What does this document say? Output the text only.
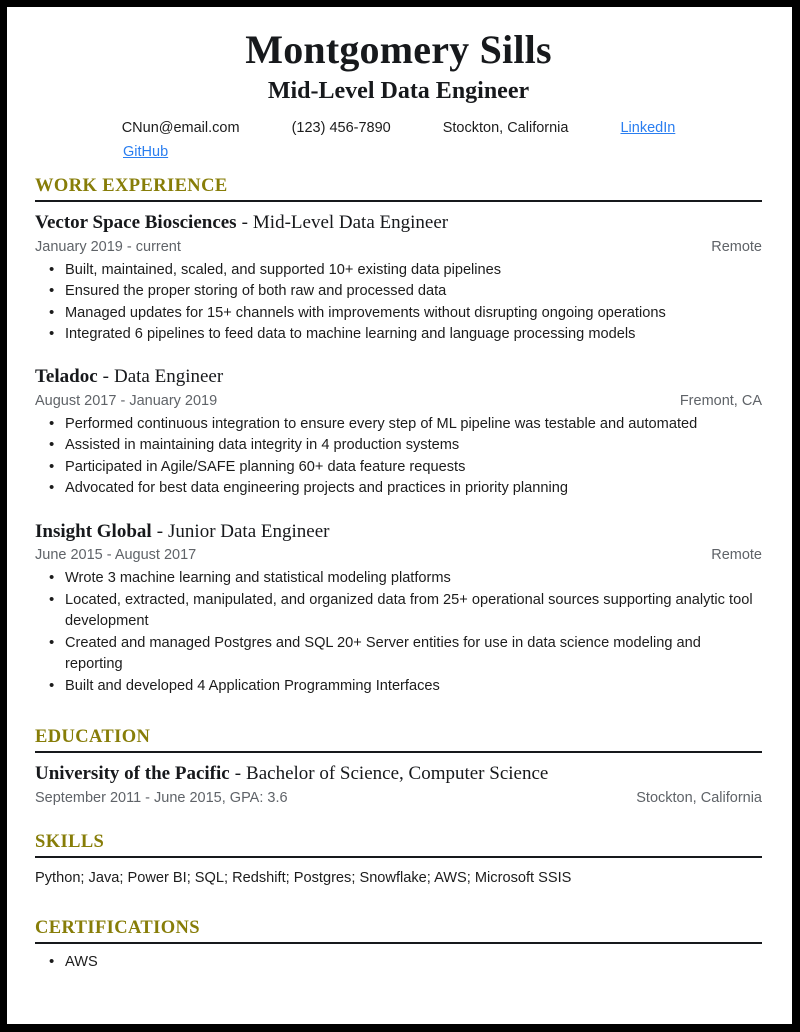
Montgomery Sills
Mid-Level Data Engineer
CNun@email.com	(123) 456-7890	Stockton, California	LinkedIn
GitHub
WORK EXPERIENCE
Vector Space Biosciences - Mid-Level Data Engineer
January 2019 - current	Remote
• Built, maintained, scaled, and supported 10+ existing data pipelines
• Ensured the proper storing of both raw and processed data
• Managed updates for 15+ channels with improvements without disrupting ongoing operations
• Integrated 6 pipelines to feed data to machine learning and language processing models
Teladoc - Data Engineer
August 2017 - January 2019	Fremont, CA
• Performed continuous integration to ensure every step of ML pipeline was testable and automated
• Assisted in maintaining data integrity in 4 production systems
• Participated in Agile/SAFE planning 60+ data feature requests
• Advocated for best data engineering projects and practices in priority planning
Insight Global - Junior Data Engineer
June 2015 - August 2017	Remote
• Wrote 3 machine learning and statistical modeling platforms
• Located, extracted, manipulated, and organized data from 25+ operational sources supporting analytic tool development
• Created and managed Postgres and SQL 20+ Server entities for use in data science modeling and reporting
• Built and developed 4 Application Programming Interfaces
EDUCATION
University of the Pacific - Bachelor of Science, Computer Science
September 2011 - June 2015, GPA: 3.6	Stockton, California
SKILLS
Python; Java; Power BI; SQL; Redshift; Postgres; Snowflake; AWS; Microsoft SSIS
CERTIFICATIONS
• AWS
